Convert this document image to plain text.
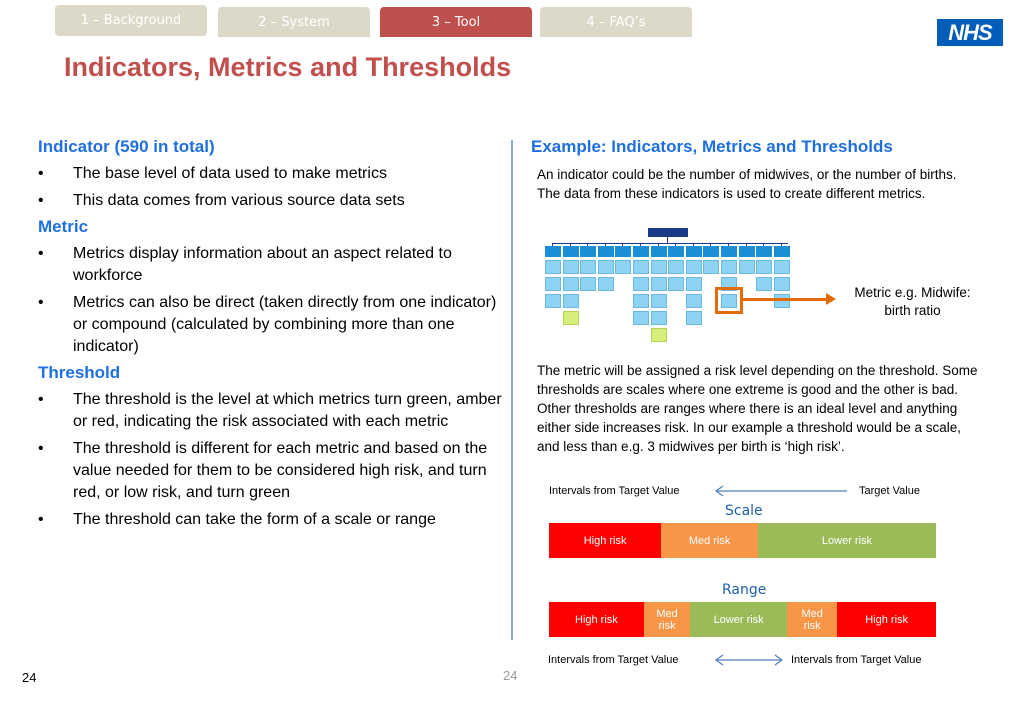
1 – Background	2 – System	3 – Tool	4 – FAQ’s	NHS
Indicators, Metrics and Thresholds
Indicator (590 in total)
• The base level of data used to make metrics
• This data comes from various source data sets
Metric
• Metrics display information about an aspect related to workforce
• Metrics can also be direct (taken directly from one indicator) or compound (calculated by combining more than one indicator)
Threshold
• The threshold is the level at which metrics turn green, amber or red, indicating the risk associated with each metric
• The threshold is different for each metric and based on the value needed for them to be considered high risk, and turn red, or low risk, and turn green
• The threshold can take the form of a scale or range
Example: Indicators, Metrics and Thresholds
An indicator could be the number of midwives, or the number of births. The data from these indicators is used to create different metrics.
Metric e.g. Midwife: birth ratio
The metric will be assigned a risk level depending on the threshold. Some thresholds are scales where one extreme is good and the other is bad. Other thresholds are ranges where there is an ideal level and anything either side increases risk. In our example a threshold would be a scale, and less than e.g. 3 midwives per birth is ‘high risk’.
Intervals from Target Value	Target Value
Scale
High risk	Med risk	Lower risk
Range
High risk	Med
risk	Lower risk	Med
risk	High risk
Intervals from Target Value	Intervals from Target Value
24	24
